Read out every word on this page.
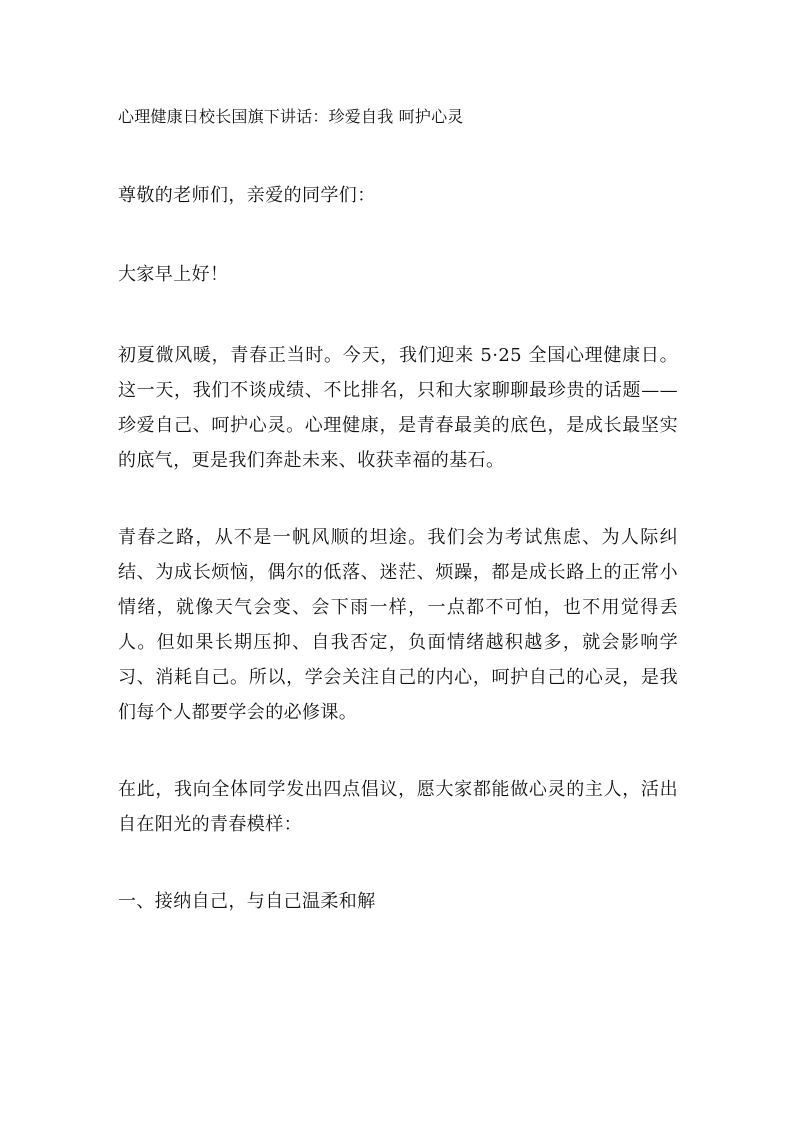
心理健康日校长国旗下讲话：珍爱自我 呵护心灵

尊敬的老师们，亲爱的同学们：

大家早上好！

初夏微风暖，青春正当时。今天，我们迎来 5·25 全国心理健康日。这一天，我们不谈成绩、不比排名，只和大家聊聊最珍贵的话题——珍爱自己、呵护心灵。心理健康，是青春最美的底色，是成长最坚实的底气，更是我们奔赴未来、收获幸福的基石。

青春之路，从不是一帆风顺的坦途。我们会为考试焦虑、为人际纠结、为成长烦恼，偶尔的低落、迷茫、烦躁，都是成长路上的正常小情绪，就像天气会变、会下雨一样，一点都不可怕，也不用觉得丢人。但如果长期压抑、自我否定，负面情绪越积越多，就会影响学习、消耗自己。所以，学会关注自己的内心，呵护自己的心灵，是我们每个人都要学会的必修课。

在此，我向全体同学发出四点倡议，愿大家都能做心灵的主人，活出自在阳光的青春模样：

一、接纳自己，与自己温柔和解
